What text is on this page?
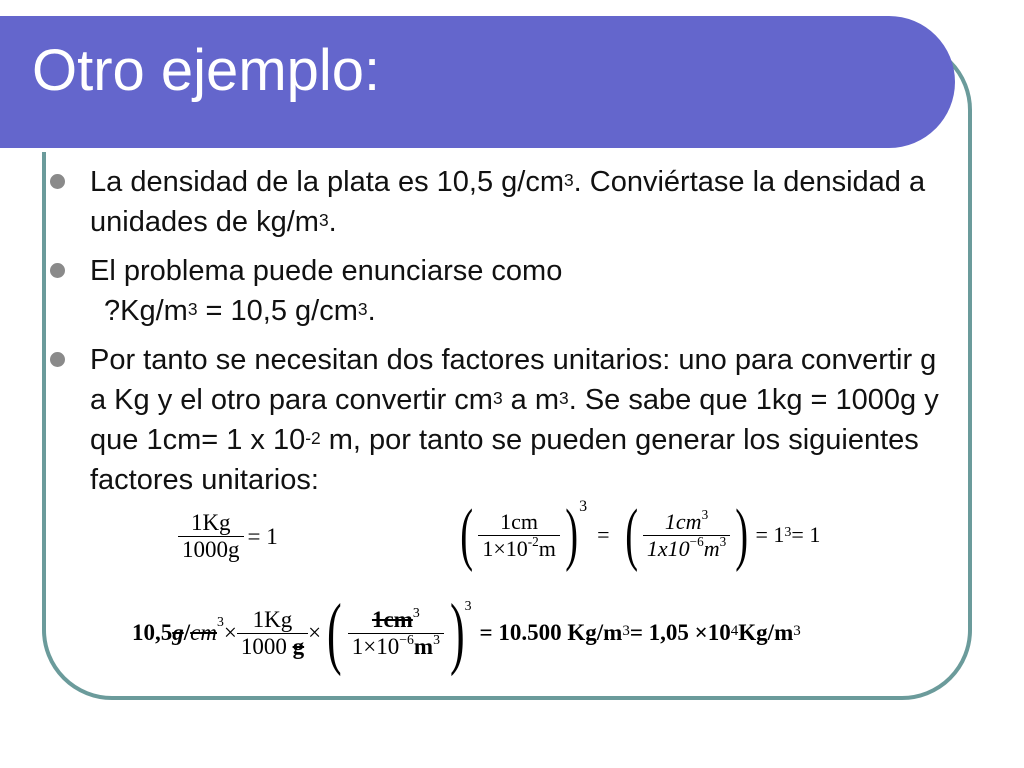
Otro ejemplo:
La densidad de la plata es 10,5 $g/cm^3$. Conviértase la densidad a unidades de $kg/m^3$.
El problema puede enunciarse como
$?Kg/m^3 = 10,5$ $g/cm^3$.
Por tanto se necesitan dos factores unitarios: uno para convertir g a Kg y el otro para convertir $cm^3$ a $m^3$. Se sabe que 1kg = 1000g y que 1cm= 1 x $10^{-2}$ m, por tanto se pueden generar los siguientes factores unitarios:
$\frac{1Kg}{1000g} = 1$	( $\frac{1cm}{1\times 10^{-2}m} )^3$
= ( $\frac{1cm^3}{1x10^{-6}m^3}$ ) = $1^3 = 1$
10,5 $g / cm^3 \times \frac{1Kg}{1000 g}$ × ( $\frac{1cm^3}{1\times 10^{-6}m^3} )^3$
= 10.500 $Kg/m^3 = 1,05 \times 10^4$ $Kg/m^3$
